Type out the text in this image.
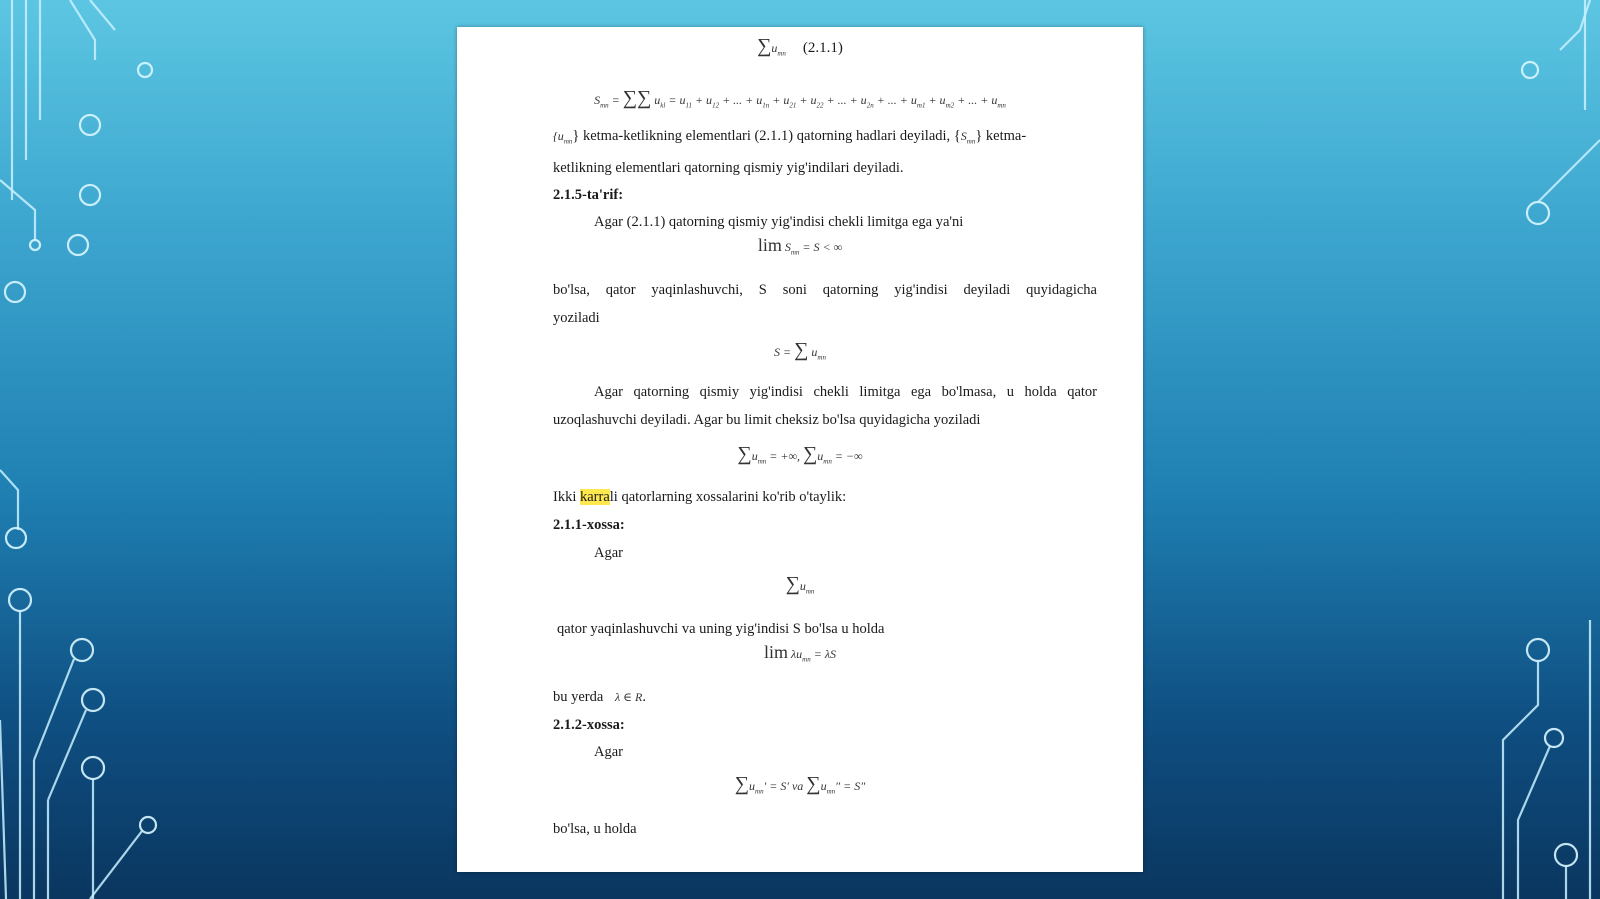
$\sum u_{mn}$ (2.1.1)
$S_{mn}$ = ∑∑ $u_{kl} = u_{11} + u_{12}$ + ... + $u_{1n} + u_{21} + u_{22}$ + ... + $u_{2n}$ + ... + $u_{m1} + u_{m2}$ + ... + $u_{mn}$
$\{u_{mn}\}$ ketma-ketlikning elementlari (2.1.1) qatorning hadlari deyiladi, $\{S_{mn}\}$ ketma-
ketlikning elementlari qatorning qismiy yig'indilari deyiladi.
2.1.5-ta'rif:
Agar (2.1.1) qatorning qismiy yig'indisi chekli limitga ega ya'ni
$\lim S_{mn} = S$ < ∞
bo'lsa, qator yaqinlashuvchi, S soni qatorning yig'indisi deyiladi quyidagicha
yoziladi
S = ∑ $u_{mn}$
Agar qatorning qismiy yig'indisi chekli limitga ega bo'lmasa, u holda qator
uzoqlashuvchi deyiladi. Agar bu limit cheksiz bo'lsa quyidagicha yoziladi
$\sum u_{mn}$ = +∞, $\sum u_{mn}$ = −∞
Ikki karrali qatorlarning xossalarini ko'rib o'taylik:
2.1.1-xossa:
Agar
$\sum u_{mn}$
qator yaqinlashuvchi va uning yig'indisi S bo'lsa u holda
$\lim \lambda u_{mn} = \lambda S$
bu yerda λ ∈ R.
2.1.2-xossa:
Agar
$\sum u_{mn}' = S'$ va $\sum u_{mn}'' = S''$
bo'lsa, u holda
